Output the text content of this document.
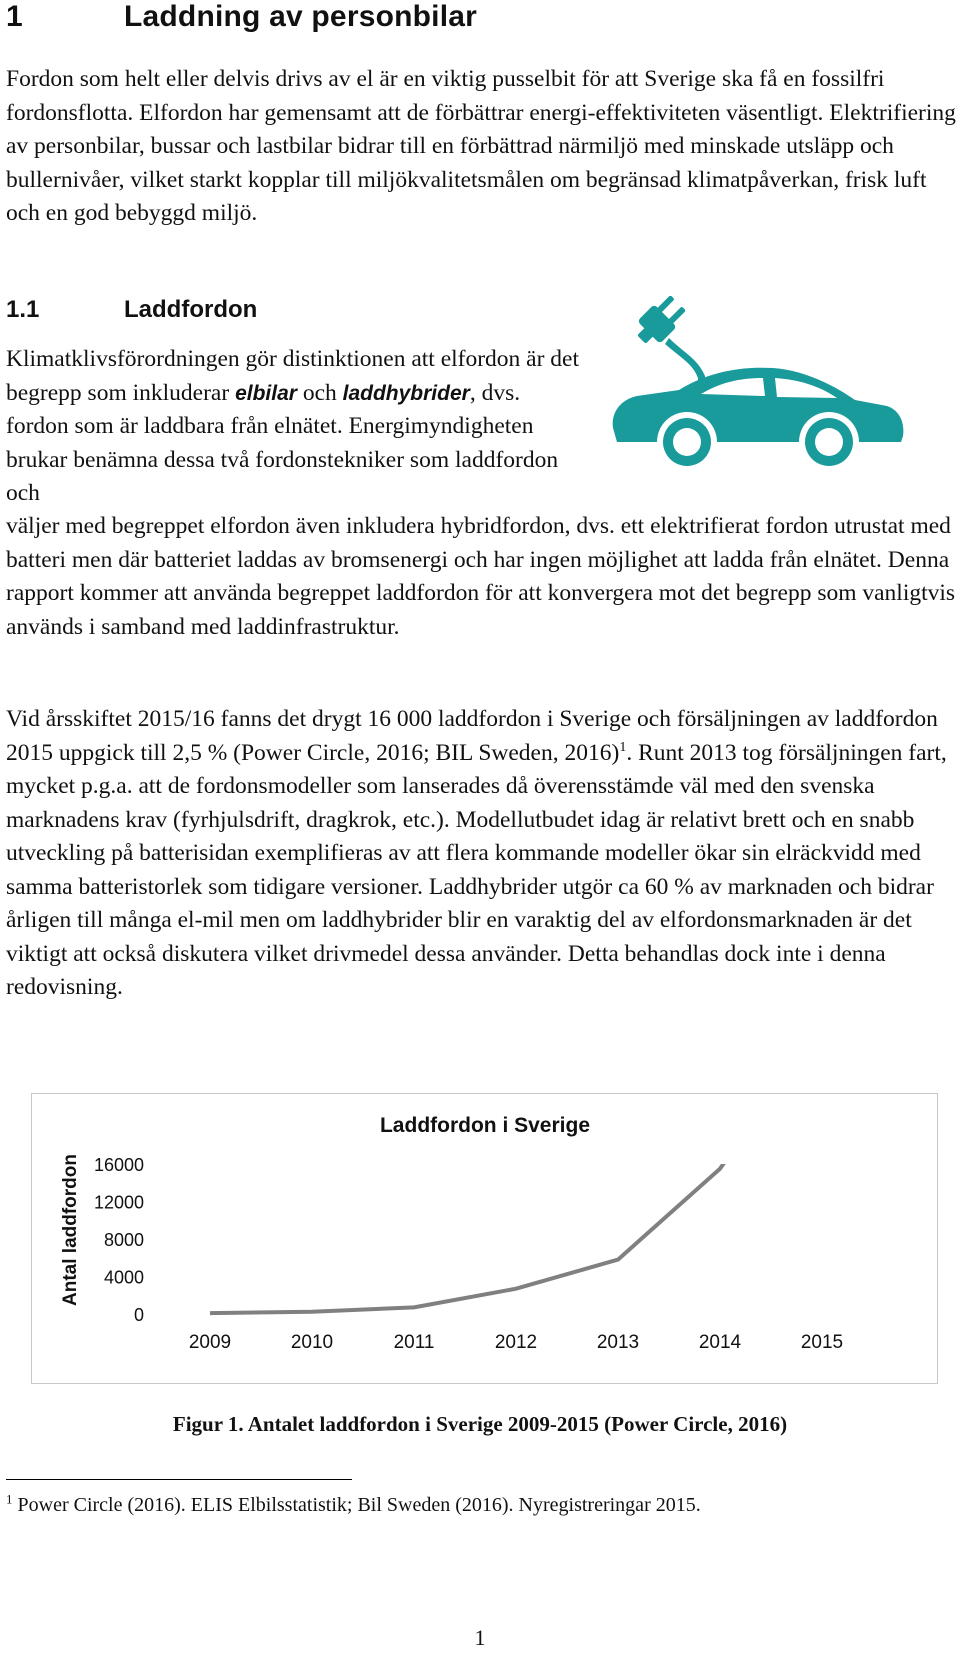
1	Laddning av personbilar
Fordon som helt eller delvis drivs av el är en viktig pusselbit för att Sverige ska få en fossilfri fordonsflotta. Elfordon har gemensamt att de förbättrar energi-effektiviteten väsentligt. Elektrifiering av personbilar, bussar och lastbilar bidrar till en förbättrad närmiljö med minskade utsläpp och bullernivåer, vilket starkt kopplar till miljökvalitetsmålen om begränsad klimatpåverkan, frisk luft och en god bebyggd miljö.
1.1	Laddfordon
Klimatklivsförordningen gör distinktionen att elfordon är det begrepp som inkluderar elbilar och laddhybrider, dvs. fordon som är laddbara från elnätet. Energimyndigheten brukar benämna dessa två fordonstekniker som laddfordon och
väljer med begreppet elfordon även inkludera hybridfordon, dvs. ett elektrifierat fordon utrustat med batteri men där batteriet laddas av bromsenergi och har ingen möjlighet att ladda från elnätet. Denna rapport kommer att använda begreppet laddfordon för att konvergera mot det begrepp som vanligtvis används i samband med laddinfrastruktur.
Vid årsskiftet 2015/16 fanns det drygt 16 000 laddfordon i Sverige och försäljningen av laddfordon 2015 uppgick till 2,5 % (Power Circle, 2016; BIL Sweden, 2016)$^1$. Runt 2013 tog försäljningen fart, mycket p.g.a. att de fordonsmodeller som lanserades då överensstämde väl med den svenska marknadens krav (fyrhjulsdrift, dragkrok, etc.). Modellutbudet idag är relativt brett och en snabb utveckling på batterisidan exemplifieras av att flera kommande modeller ökar sin elräckvidd med samma batteristorlek som tidigare versioner. Laddhybrider utgör ca 60 % av marknaden och bidrar årligen till många el-mil men om laddhybrider blir en varaktig del av elfordonsmarknaden är det viktigt att också diskutera vilket drivmedel dessa använder. Detta behandlas dock inte i denna redovisning.
Laddfordon i Sverige
Antal laddfordon
0
4000
8000
12000
16000
2009	2010	2011	2012	2013	2014	2015
Figur 1. Antalet laddfordon i Sverige 2009-2015 (Power Circle, 2016)
$^1$ Power Circle (2016). ELIS Elbilsstatistik; Bil Sweden (2016). Nyregistreringar 2015.
1
